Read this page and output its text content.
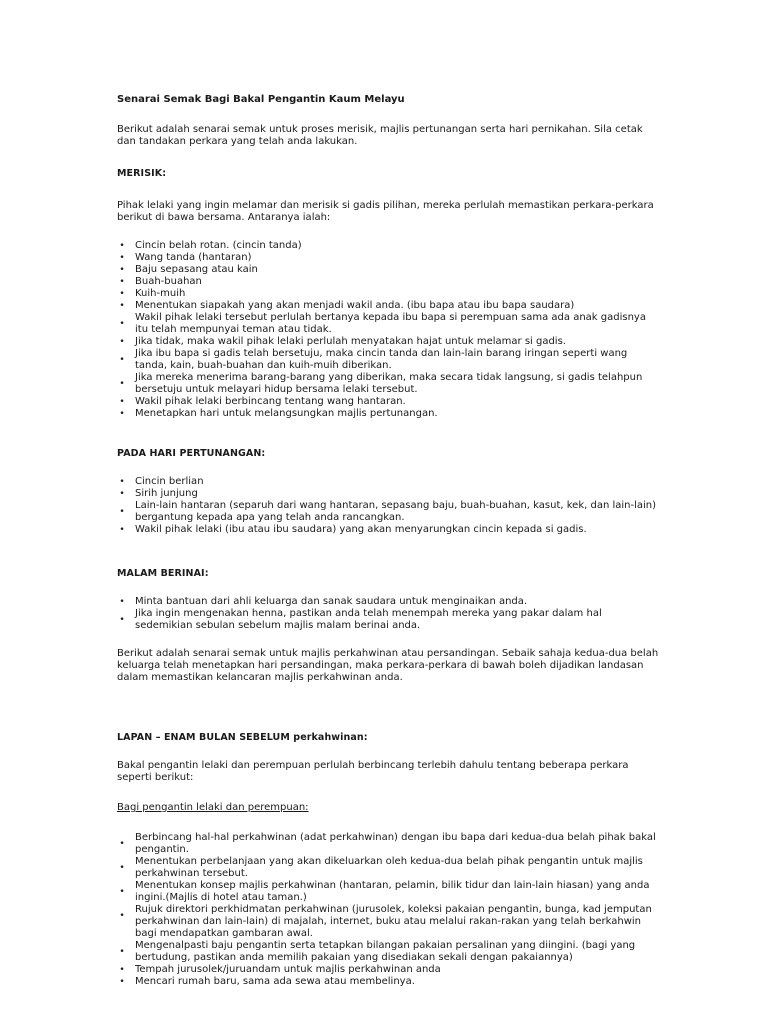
Senarai Semak Bagi Bakal Pengantin Kaum Melayu

Berikut adalah senarai semak untuk proses merisik, majlis pertunangan serta hari pernikahan. Sila cetak dan tandakan perkara yang telah anda lakukan.

MERISIK:

Pihak lelaki yang ingin melamar dan merisik si gadis pilihan, mereka perlulah memastikan perkara-perkara berikut di bawa bersama. Antaranya ialah:

• Cincin belah rotan. (cincin tanda)
• Wang tanda (hantaran)
• Baju sepasang atau kain
• Buah-buahan
• Kuih-muih
• Menentukan siapakah yang akan menjadi wakil anda. (ibu bapa atau ibu bapa saudara)
•
Wakil pihak lelaki tersebut perlulah bertanya kepada ibu bapa si perempuan sama ada anak gadisnya itu telah mempunyai teman atau tidak.
• Jika tidak, maka wakil pihak lelaki perlulah menyatakan hajat untuk melamar si gadis.
•
Jika ibu bapa si gadis telah bersetuju, maka cincin tanda dan lain-lain barang iringan seperti wang tanda, kain, buah-buahan dan kuih-muih diberikan.
•
Jika mereka menerima barang-barang yang diberikan, maka secara tidak langsung, si gadis telahpun bersetuju untuk melayari hidup bersama lelaki tersebut.
• Wakil pihak lelaki berbincang tentang wang hantaran.
• Menetapkan hari untuk melangsungkan majlis pertunangan.

PADA HARI PERTUNANGAN:

• Cincin berlian
• Sirih junjung
•
Lain-lain hantaran (separuh dari wang hantaran, sepasang baju, buah-buahan, kasut, kek, dan lain-lain) bergantung kepada apa yang telah anda rancangkan.
• Wakil pihak lelaki (ibu atau ibu saudara) yang akan menyarungkan cincin kepada si gadis.

MALAM BERINAI:

• Minta bantuan dari ahli keluarga dan sanak saudara untuk menginaikan anda.
•
Jika ingin mengenakan henna, pastikan anda telah menempah mereka yang pakar dalam hal sedemikian sebulan sebelum majlis malam berinai anda.

Berikut adalah senarai semak untuk majlis perkahwinan atau persandingan. Sebaik sahaja kedua-dua belah keluarga telah menetapkan hari persandingan, maka perkara-perkara di bawah boleh dijadikan landasan dalam memastikan kelancaran majlis perkahwinan anda.

LAPAN – ENAM BULAN SEBELUM perkahwinan:

Bakal pengantin lelaki dan perempuan perlulah berbincang terlebih dahulu tentang beberapa perkara seperti berikut:

Bagi pengantin lelaki dan perempuan:

•
Berbincang hal-hal perkahwinan (adat perkahwinan) dengan ibu bapa dari kedua-dua belah pihak bakal pengantin.
•
Menentukan perbelanjaan yang akan dikeluarkan oleh kedua-dua belah pihak pengantin untuk majlis perkahwinan tersebut.
•
Menentukan konsep majlis perkahwinan (hantaran, pelamin, bilik tidur dan lain-lain hiasan) yang anda ingini.(Majlis di hotel atau taman.)
•
Rujuk direktori perkhidmatan perkahwinan (jurusolek, koleksi pakaian pengantin, bunga, kad jemputan perkahwinan dan lain-lain) di majalah, internet, buku atau melalui rakan-rakan yang telah berkahwin bagi mendapatkan gambaran awal.
•
Mengenalpasti baju pengantin serta tetapkan bilangan pakaian persalinan yang diingini. (bagi yang bertudung, pastikan anda memilih pakaian yang disediakan sekali dengan pakaiannya)
• Tempah jurusolek/juruandam untuk majlis perkahwinan anda
• Mencari rumah baru, sama ada sewa atau membelinya.
